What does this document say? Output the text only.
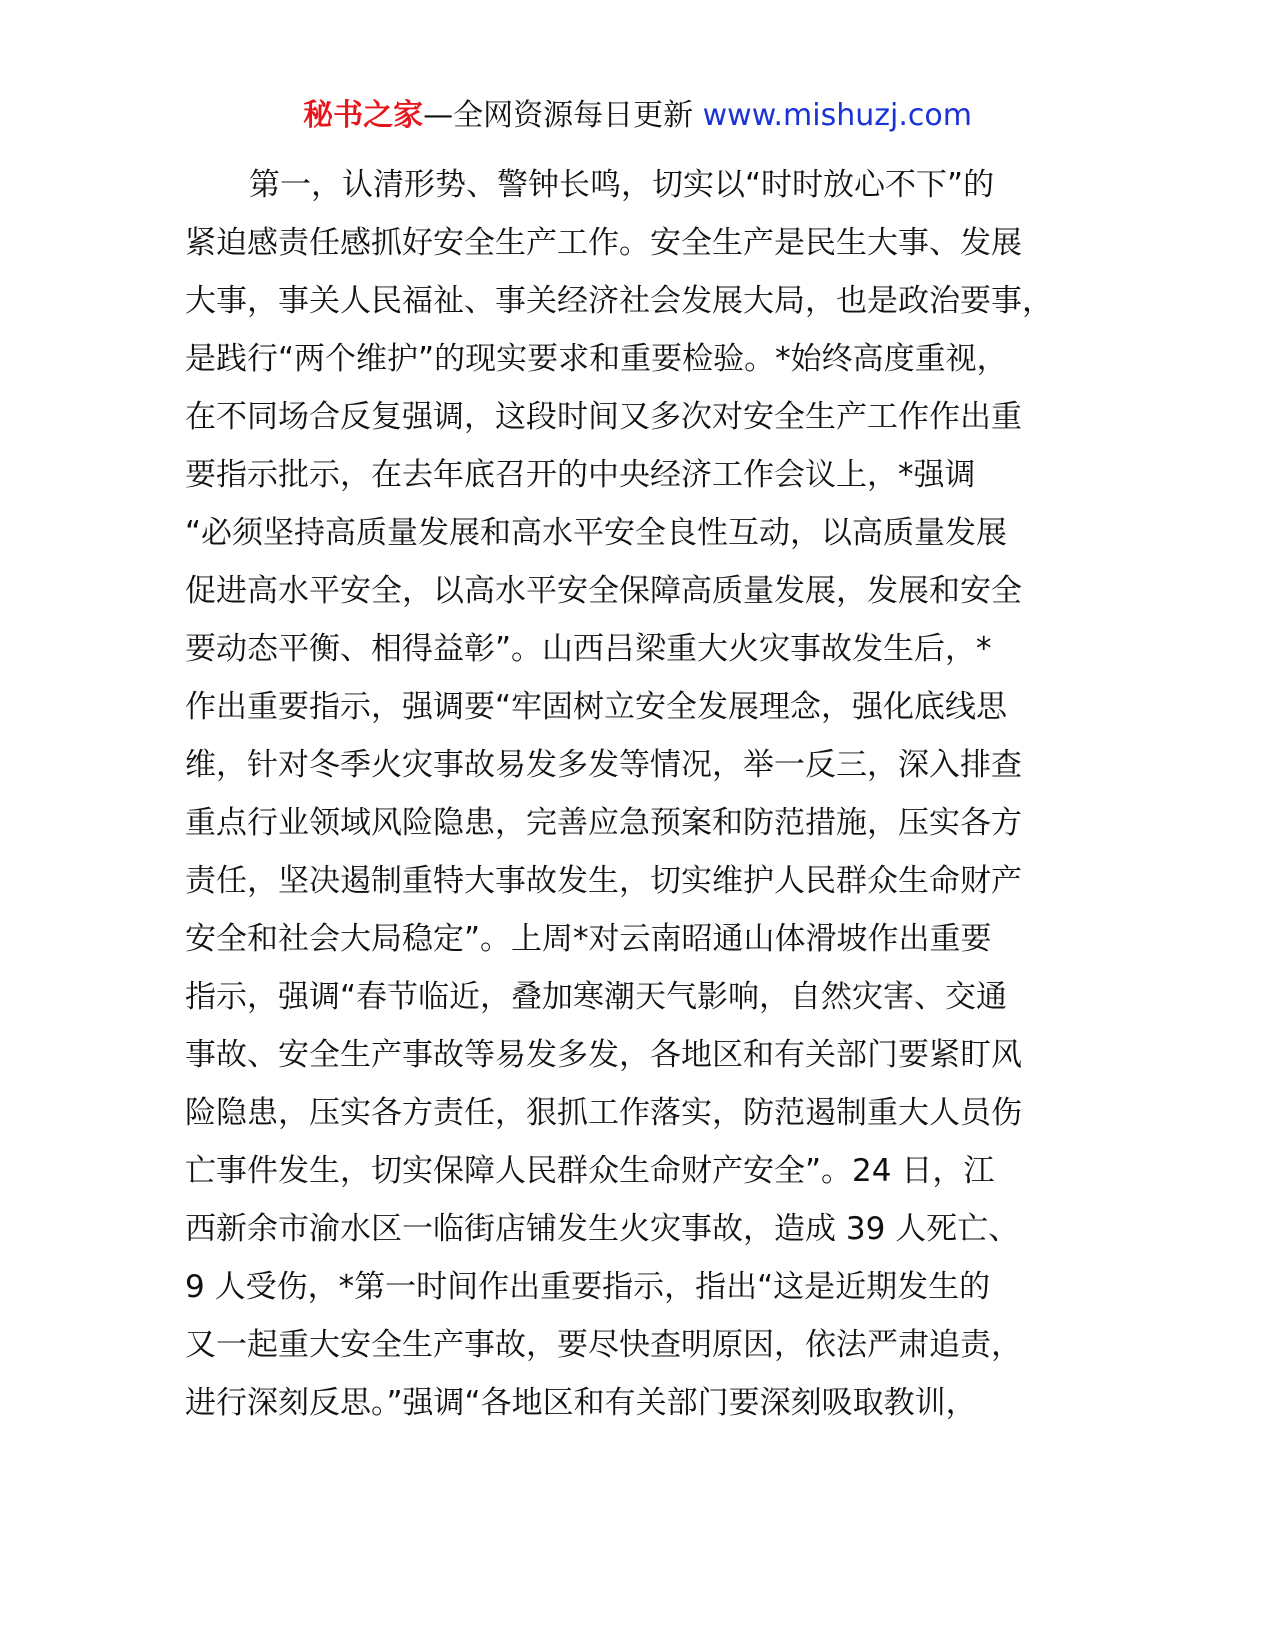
秘书之家—全网资源每日更新 www.mishuzj.com
第一，认清形势、警钟长鸣，切实以“时时放心不下”的
紧迫感责任感抓好安全生产工作。安全生产是民生大事、发展
大事，事关人民福祉、事关经济社会发展大局，也是政治要事，
是践行“两个维护”的现实要求和重要检验。*始终高度重视，
在不同场合反复强调，这段时间又多次对安全生产工作作出重
要指示批示，在去年底召开的中央经济工作会议上，*强调
“必须坚持高质量发展和高水平安全良性互动，以高质量发展
促进高水平安全，以高水平安全保障高质量发展，发展和安全
要动态平衡、相得益彰”。山西吕梁重大火灾事故发生后，*
作出重要指示，强调要“牢固树立安全发展理念，强化底线思
维，针对冬季火灾事故易发多发等情况，举一反三，深入排查
重点行业领域风险隐患，完善应急预案和防范措施，压实各方
责任，坚决遏制重特大事故发生，切实维护人民群众生命财产
安全和社会大局稳定”。上周*对云南昭通山体滑坡作出重要
指示，强调“春节临近，叠加寒潮天气影响，自然灾害、交通
事故、安全生产事故等易发多发，各地区和有关部门要紧盯风
险隐患，压实各方责任，狠抓工作落实，防范遏制重大人员伤
亡事件发生，切实保障人民群众生命财产安全”。24 日，江
西新余市渝水区一临街店铺发生火灾事故，造成 39 人死亡、
9 人受伤，*第一时间作出重要指示，指出“这是近期发生的
又一起重大安全生产事故，要尽快查明原因，依法严肃追责，
进行深刻反思。”强调“各地区和有关部门要深刻吸取教训，
